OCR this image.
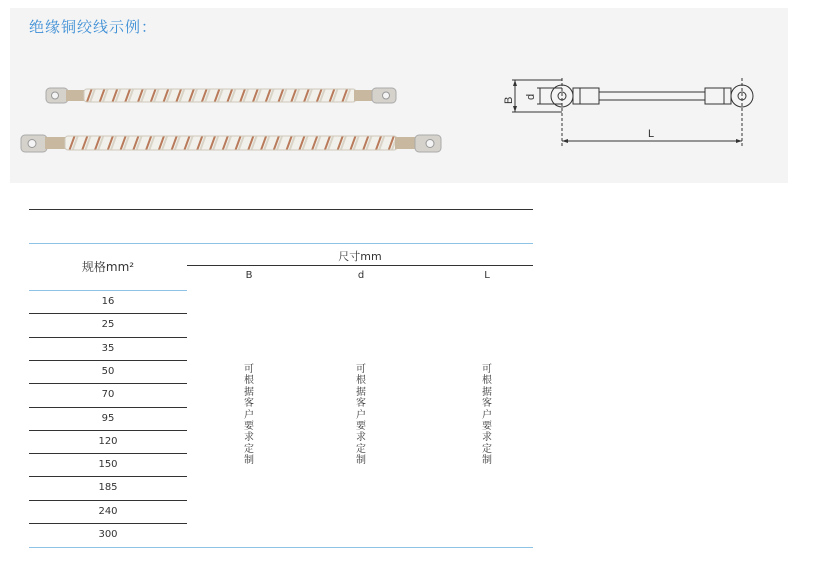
绝缘铜绞线示例：
B d
L
规格mm²
尺寸mm
B	d	L
16
25
35
50
70
95
120
150
185
240
300
可根据客户要求定制
可根据客户要求定制
可根据客户要求定制
